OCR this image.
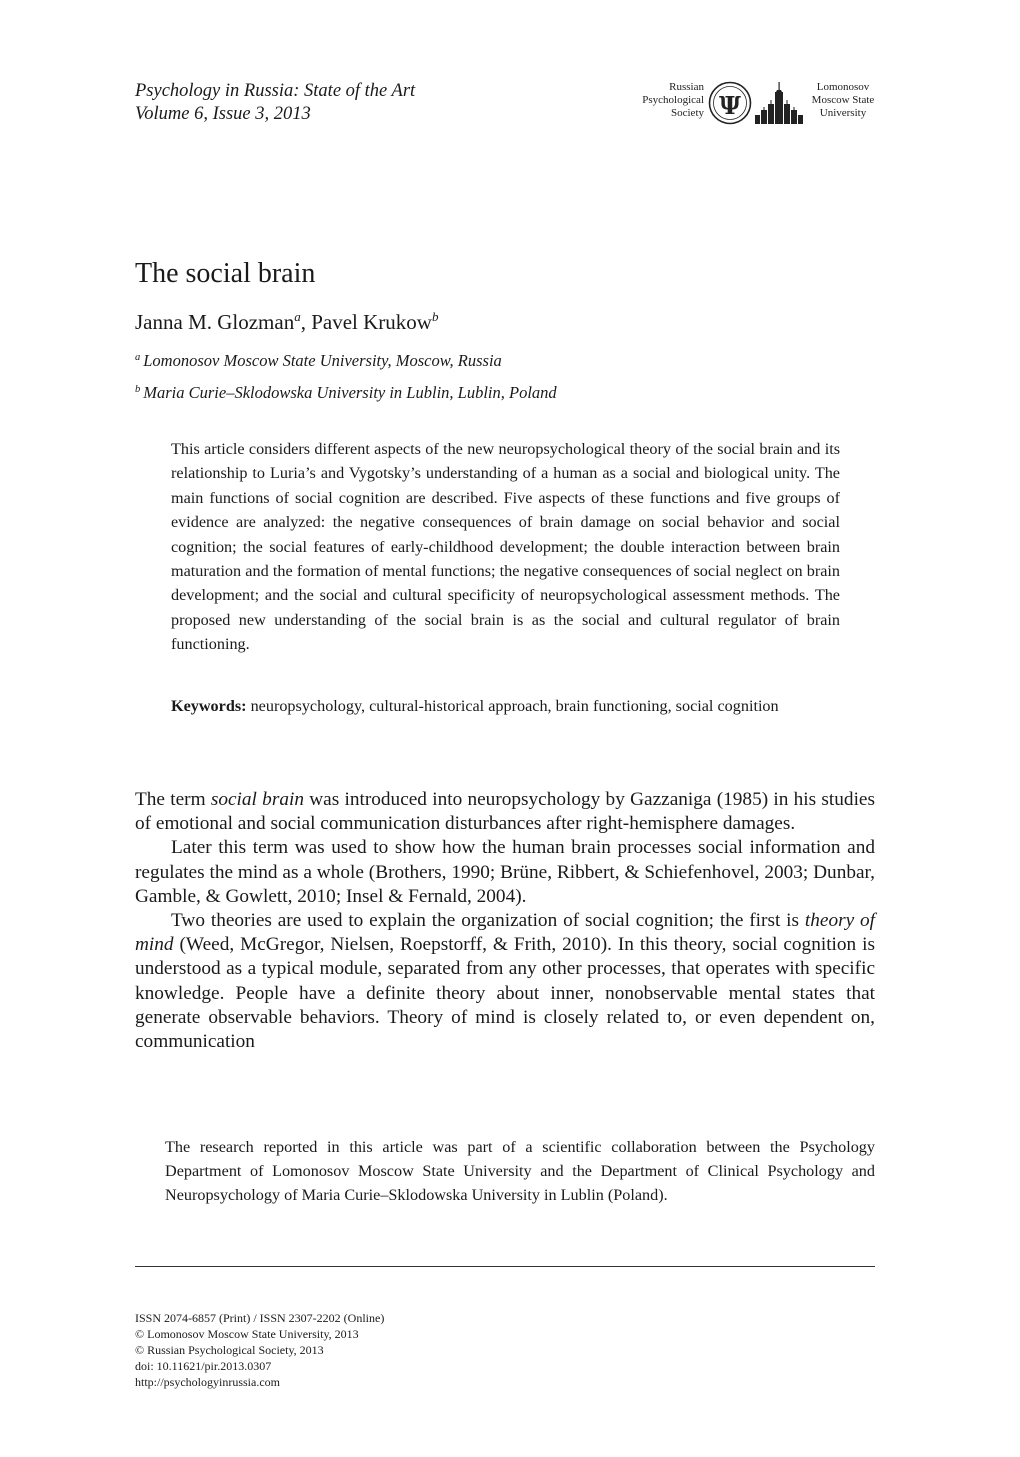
Psychology in Russia: State of the Art
Volume 6, Issue 3, 2013
Russian
Psychological
Society Ψ
Lomonosov
Moscow State
University
The social brain
Janna M. Glozman$^a$, Pavel Krukow$^b$
$^a$ Lomonosov Moscow State University, Moscow, Russia
$^b$ Maria Curie–Sklodowska University in Lublin, Lublin, Poland

This article considers different aspects of the new neuropsychological theory of the social brain and its relationship to Luria’s and Vygotsky’s understanding of a human as a social and biological unity. The main functions of social cognition are described. Five aspects of these functions and five groups of evidence are analyzed: the negative consequences of brain damage on social behavior and social cognition; the social features of early-childhood development; the double interaction between brain maturation and the formation of mental functions; the negative consequences of social neglect on brain development; and the social and cultural specificity of neuropsychological assessment methods. The proposed new understanding of the social brain is as the social and cultural regulator of brain functioning.

Keywords: neuropsychology, cultural-historical approach, brain functioning, social cognition

The term social brain was introduced into neuropsychology by Gazzaniga (1985) in his studies of emotional and social communication disturbances after right-hemisphere damages.

Later this term was used to show how the human brain processes social information and regulates the mind as a whole (Brothers, 1990; Brüne, Ribbert, & Schiefenhovel, 2003; Dunbar, Gamble, & Gowlett, 2010; Insel & Fernald, 2004).

Two theories are used to explain the organization of social cognition; the first is theory of mind (Weed, McGregor, Nielsen, Roepstorff, & Frith, 2010). In this theory, social cognition is understood as a typical module, separated from any other processes, that operates with specific knowledge. People have a definite theory about inner, nonobservable mental states that generate observable behaviors. Theory of mind is closely related to, or even dependent on, communication

The research reported in this article was part of a scientific collaboration between the Psychology Department of Lomonosov Moscow State University and the Department of Clinical Psychology and Neuropsychology of Maria Curie–Sklodowska University in Lublin (Poland).

ISSN 2074-6857 (Print) / ISSN 2307-2202 (Online)
© Lomonosov Moscow State University, 2013
© Russian Psychological Society, 2013
doi: 10.11621/pir.2013.0307
http://psychologyinrussia.com
